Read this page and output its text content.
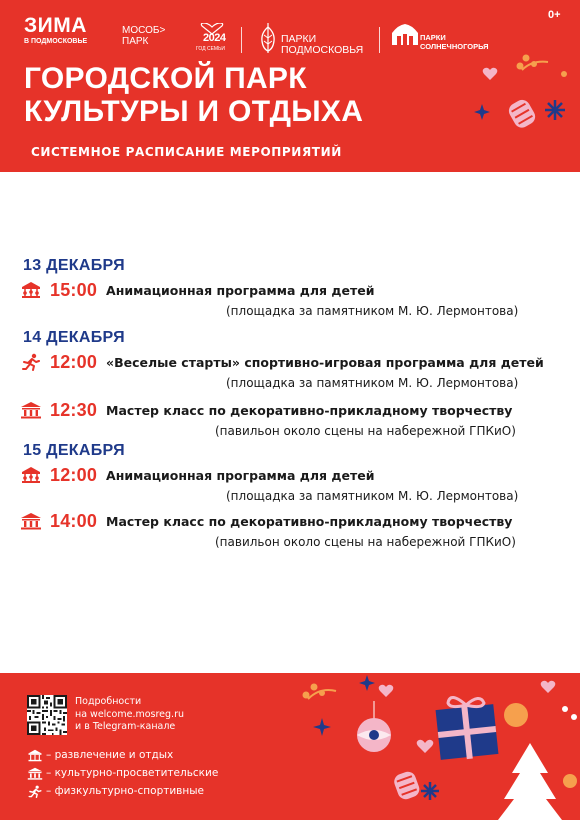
ЗИМА
В ПОДМОСКОВЬЕ
МОСОБ>
ПАРК	2024
ГОД СЕМЬИ
ПАРКИ
ПОДМОСКОВЬЯ
ПАРКИ
СОЛНЕЧНОГОРЬЯ
0+
ГОРОДСКОЙ ПАРК
КУЛЬТУРЫ И ОТДЫХА
СИСТЕМНОЕ РАСПИСАНИЕ МЕРОПРИЯТИЙ
13 ДЕКАБРЯ
15:00 Анимационная программа для детей
(площадка за памятником М. Ю. Лермонтова)
14 ДЕКАБРЯ
12:00 «Веселые старты» спортивно-игровая программа для детей
(площадка за памятником М. Ю. Лермонтова)
12:30 Мастер класс по декоративно-прикладному творчеству
(павильон около сцены на набережной ГПКиО)
15 ДЕКАБРЯ
12:00 Анимационная программа для детей
(площадка за памятником М. Ю. Лермонтова)
14:00 Мастер класс по декоративно-прикладному творчеству
(павильон около сцены на набережной ГПКиО)
Подробности
на welcome.mosreg.ru
и в Telegram-канале
– развлечение и отдых
– культурно-просветительские
– физкультурно-спортивные
